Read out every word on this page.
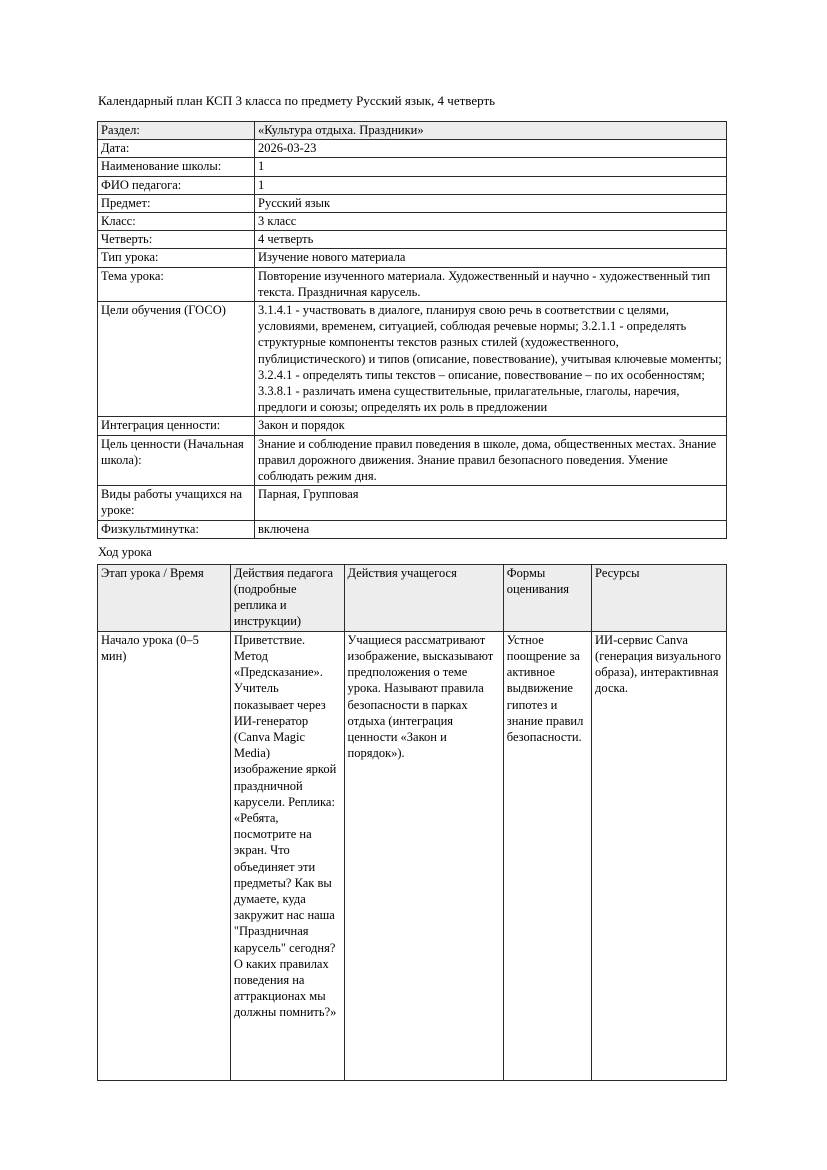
Календарный план КСП 3 класса по предмету Русский язык, 4 четверть

Раздел:	«Культура отдыха. Праздники»
Дата:	2026-03-23
Наименование школы:	1
ФИО педагога:	1
Предмет:	Русский язык
Класс:	3 класс
Четверть:	4 четверть
Тип урока:	Изучение нового материала
Тема урока:	Повторение изученного материала. Художественный и научно - художественный тип текста. Праздничная карусель.
Цели обучения (ГОСО)	3.1.4.1 - участвовать в диалоге, планируя свою речь в соответствии с целями, условиями, временем, ситуацией, соблюдая речевые нормы; 3.2.1.1 - определять структурные компоненты текстов разных стилей (художественного, публицистического) и типов (описание, повествование), учитывая ключевые моменты; 3.2.4.1 - определять типы текстов – описание, повествование – по их особенностям; 3.3.8.1 - различать имена существительные, прилагательные, глаголы, наречия, предлоги и союзы; определять их роль в предложении
Интеграция ценности:	Закон и порядок
Цель ценности (Начальная школа):	Знание и соблюдение правил поведения в школе, дома, общественных местах. Знание правил дорожного движения. Знание правил безопасного поведения. Умение соблюдать режим дня.
Виды работы учащихся на уроке:	Парная, Групповая
Физкультминутка:	включена

Ход урока

Этап урока / Время	Действия педагога (подробные реплика и инструкции)	Действия учащегося	Формы оценивания	Ресурсы
Начало урока (0–5 мин)	Приветствие. Метод «Предсказание». Учитель показывает через ИИ-генератор (Canva Magic Media) изображение яркой праздничной карусели. Реплика: «Ребята, посмотрите на экран. Что объединяет эти предметы? Как вы думаете, куда закружит нас наша "Праздничная карусель" сегодня? О каких правилах поведения на аттракционах мы должны помнить?»	Учащиеся рассматривают изображение, высказывают предположения о теме урока. Называют правила безопасности в парках отдыха (интеграция ценности «Закон и порядок»).	Устное поощрение за активное выдвижение гипотез и знание правил безопасности.	ИИ-сервис Canva (генерация визуального образа), интерактивная доска.
